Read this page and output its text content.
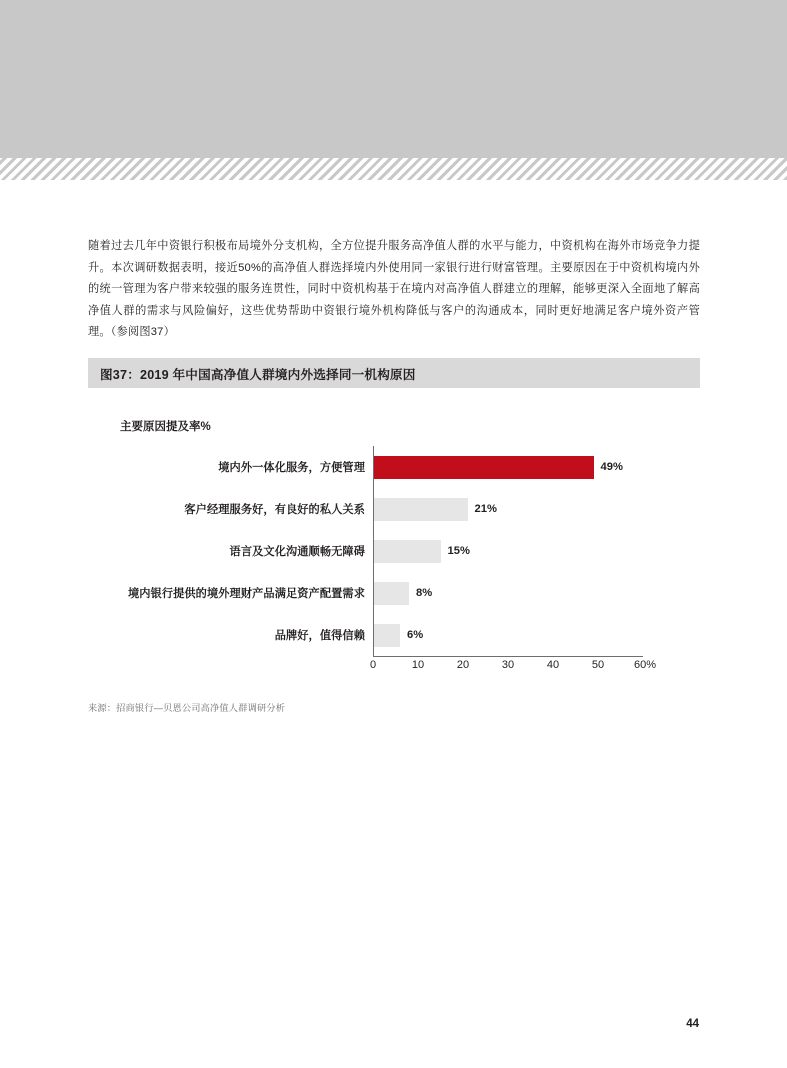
随着过去几年中资银行积极布局境外分支机构，全方位提升服务高净值人群的水平与能力，中资机构在海外市场竞争力提升。本次调研数据表明，接近50%的高净值人群选择境内外使用同一家银行进行财富管理。主要原因在于中资机构境内外的统一管理为客户带来较强的服务连贯性，同时中资机构基于在境内对高净值人群建立的理解，能够更深入全面地了解高净值人群的需求与风险偏好，这些优势帮助中资银行境外机构降低与客户的沟通成本，同时更好地满足客户境外资产管理。（参阅图37）

图37：2019 年中国高净值人群境内外选择同一机构原因
主要原因提及率%
境内外一体化服务，方便管理	49%
客户经理服务好，有良好的私人关系	21%
语言及文化沟通顺畅无障碍	15%
境内银行提供的境外理财产品满足资产配置需求	8%
品牌好，值得信赖	6%
0	10	20	30	40	50	60%
来源：招商银行—贝恩公司高净值人群调研分析
44
